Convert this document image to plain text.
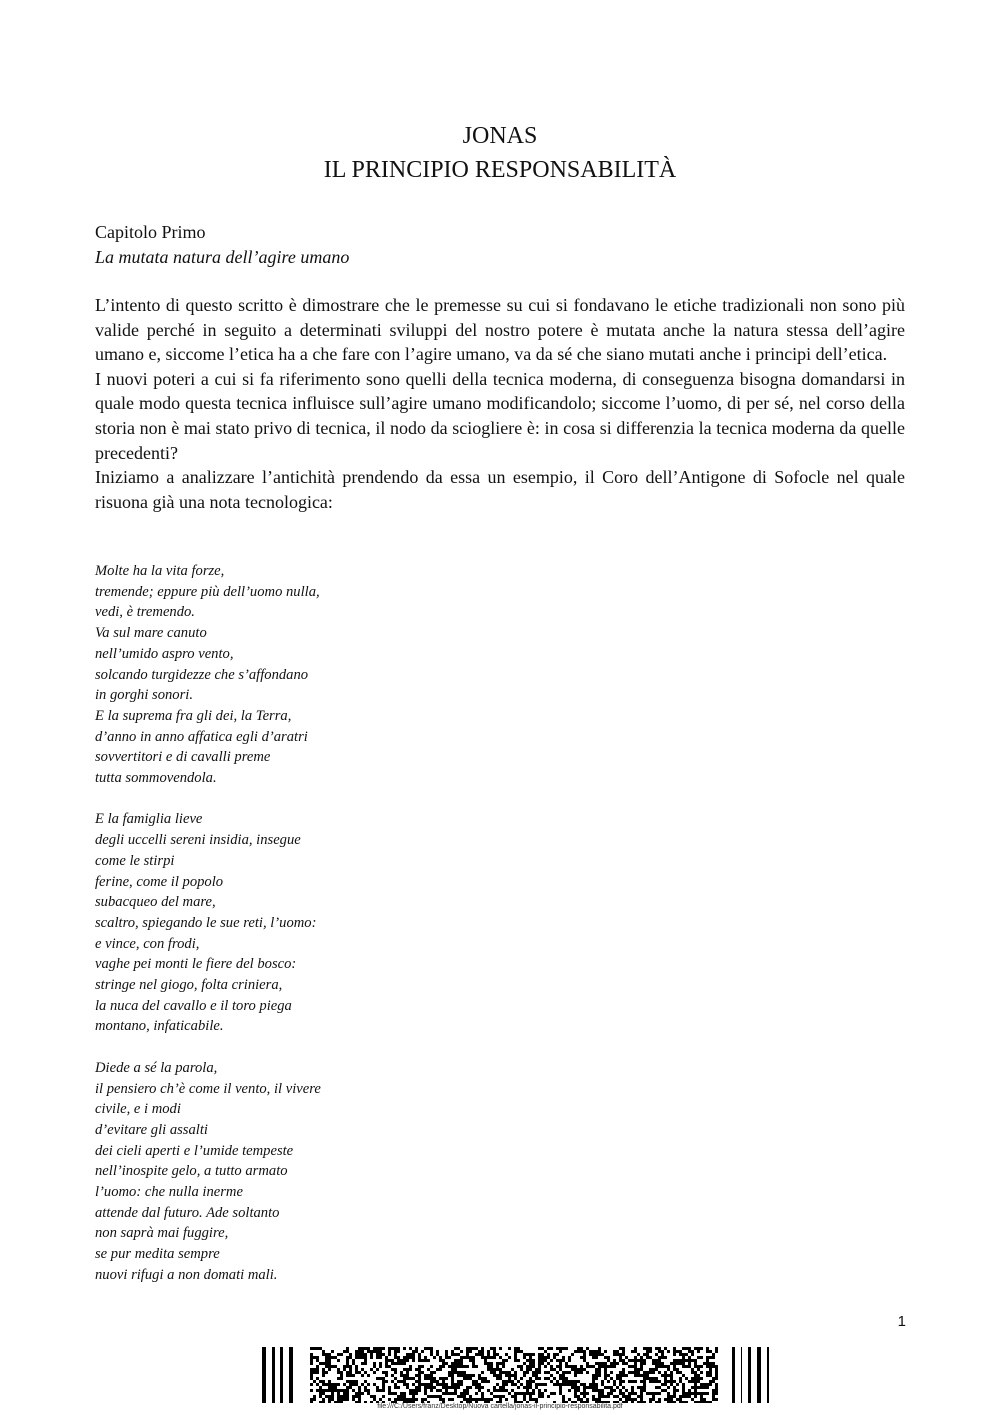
JONAS
IL PRINCIPIO RESPONSABILITÀ
Capitolo Primo
La mutata natura dell’agire umano

L’intento di questo scritto è dimostrare che le premesse su cui si fondavano le etiche tradizionali non sono più valide perché in seguito a determinati sviluppi del nostro potere è mutata anche la natura stessa dell’agire umano e, siccome l’etica ha a che fare con l’agire umano, va da sé che siano mutati anche i principi dell’etica.

I nuovi poteri a cui si fa riferimento sono quelli della tecnica moderna, di conseguenza bisogna domandarsi in quale modo questa tecnica influisce sull’agire umano modificandolo; siccome l’uomo, di per sé, nel corso della storia non è mai stato privo di tecnica, il nodo da sciogliere è: in cosa si differenzia la tecnica moderna da quelle precedenti?

Iniziamo a analizzare l’antichità prendendo da essa un esempio, il Coro dell’Antigone di Sofocle nel quale risuona già una nota tecnologica:

Molte ha la vita forze,
tremende; eppure più dell’uomo nulla,
vedi, è tremendo.
Va sul mare canuto
nell’umido aspro vento,
solcando turgidezze che s’affondano
in gorghi sonori.
E la suprema fra gli dei, la Terra,
d’anno in anno affatica egli d’aratri
sovvertitori e di cavalli preme
tutta sommovendola.
E la famiglia lieve
degli uccelli sereni insidia, insegue
come le stirpi
ferine, come il popolo
subacqueo del mare,
scaltro, spiegando le sue reti, l’uomo:
e vince, con frodi,
vaghe pei monti le fiere del bosco:
stringe nel giogo, folta criniera,
la nuca del cavallo e il toro piega
montano, infaticabile.
Diede a sé la parola,
il pensiero ch’è come il vento, il vivere
civile, e i modi
d’evitare gli assalti
dei cieli aperti e l’umide tempeste
nell’inospite gelo, a tutto armato
l’uomo: che nulla inerme
attende dal futuro. Ade soltanto
non saprà mai fuggire,
se pur medita sempre
nuovi rifugi a non domati mali.
1
file:///C:/Users/franz/Desktop/Nuova cartella/jonas-il-principio-responsabilita.pdf
